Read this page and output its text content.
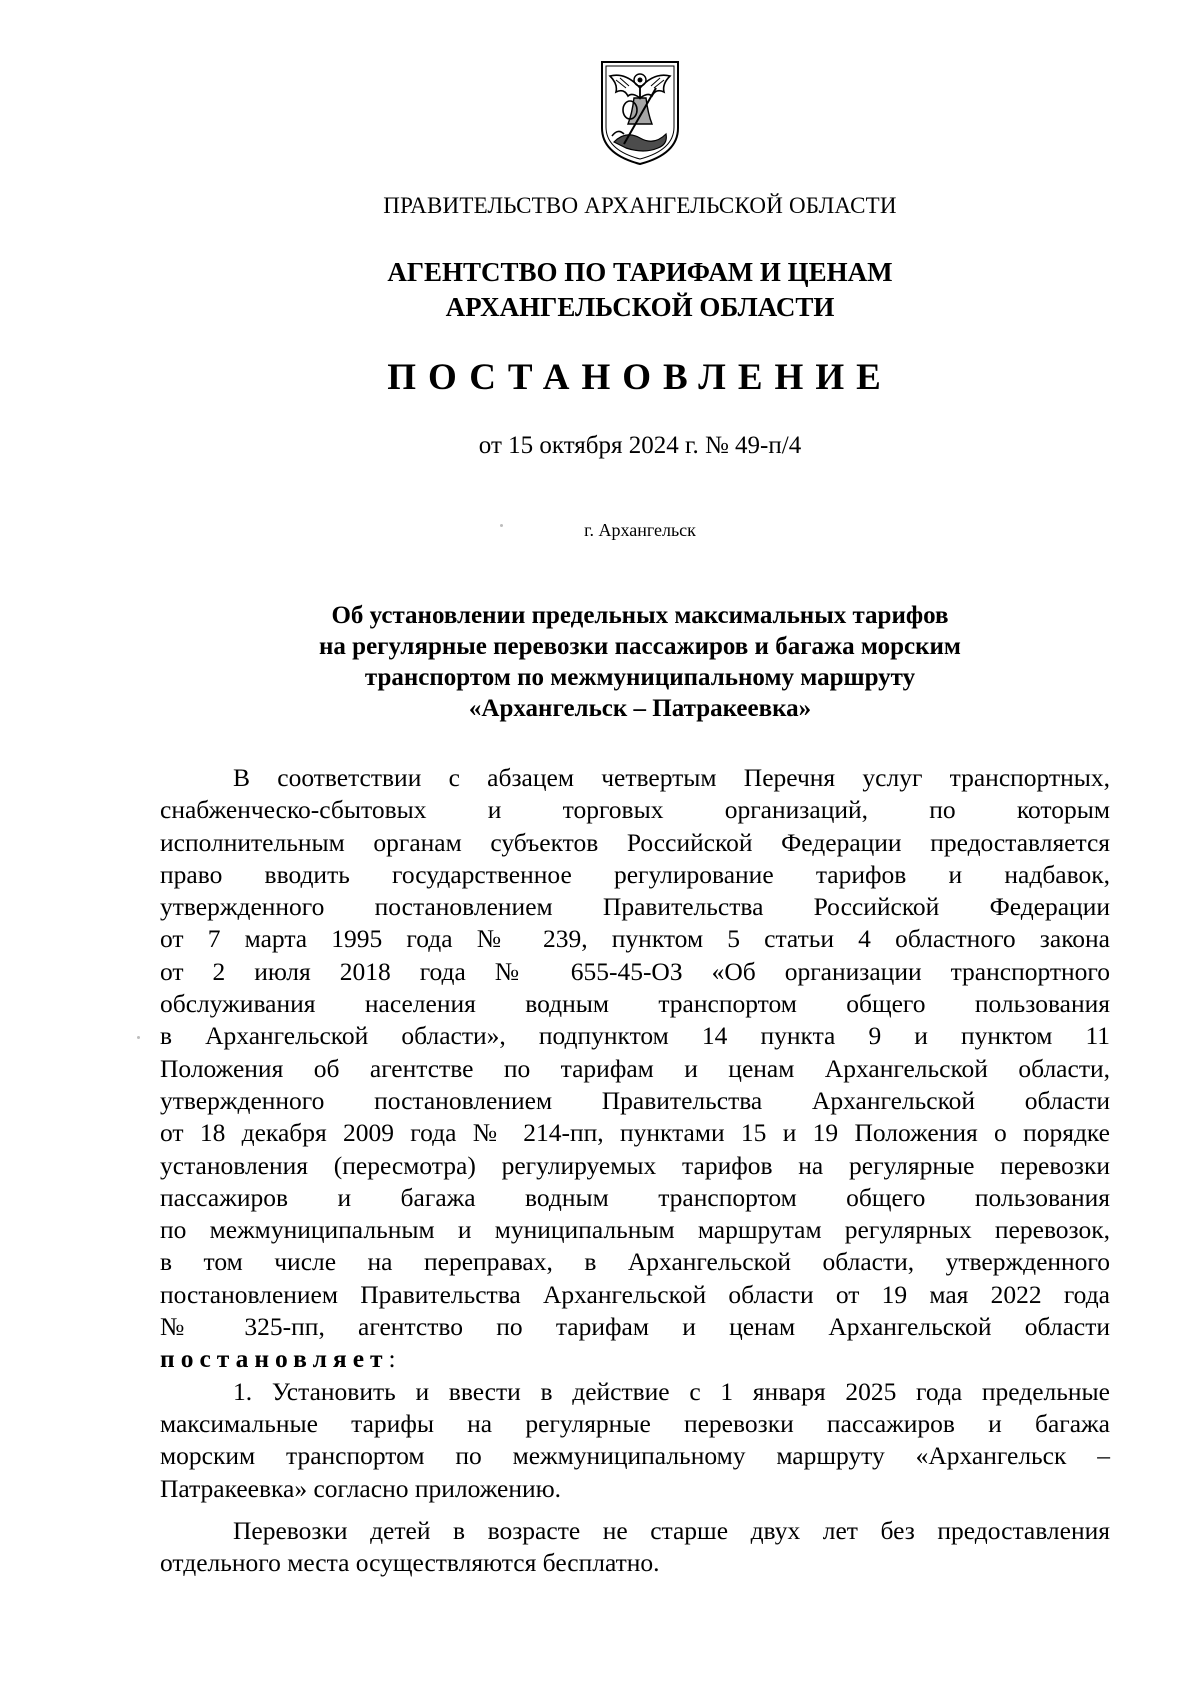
ПРАВИТЕЛЬСТВО АРХАНГЕЛЬСКОЙ ОБЛАСТИ
АГЕНТСТВО ПО ТАРИФАМ И ЦЕНАМ
АРХАНГЕЛЬСКОЙ ОБЛАСТИ
ПОСТАНОВЛЕНИЕ
от 15 октября 2024 г. № 49-п/4
г. Архангельск
Об установлении предельных максимальных тарифов
на регулярные перевозки пассажиров и багажа морским
транспортом по межмуниципальному маршруту
«Архангельск – Патракеевка»
В соответствии с абзацем четвертым Перечня услуг транспортных,
снабженческо-сбытовых и торговых организаций, по которым
исполнительным органам субъектов Российской Федерации предоставляется
право вводить государственное регулирование тарифов и надбавок,
утвержденного постановлением Правительства Российской Федерации
от 7 марта 1995 года № 239, пунктом 5 статьи 4 областного закона
от 2 июля 2018 года № 655-45-ОЗ «Об организации транспортного
обслуживания населения водным транспортом общего пользования
в Архангельской области», подпунктом 14 пункта 9 и пунктом 11
Положения об агентстве по тарифам и ценам Архангельской области,
утвержденного постановлением Правительства Архангельской области
от 18 декабря 2009 года № 214-пп, пунктами 15 и 19 Положения о порядке
установления (пересмотра) регулируемых тарифов на регулярные перевозки
пассажиров и багажа водным транспортом общего пользования
по межмуниципальным и муниципальным маршрутам регулярных перевозок,
в том числе на переправах, в Архангельской области, утвержденного
постановлением Правительства Архангельской области от 19 мая 2022 года
№ 325-пп, агентство по тарифам и ценам Архангельской области
постановляет:
1. Установить и ввести в действие с 1 января 2025 года предельные
максимальные тарифы на регулярные перевозки пассажиров и багажа
морским транспортом по межмуниципальному маршруту «Архангельск –
Патракеевка» согласно приложению.
Перевозки детей в возрасте не старше двух лет без предоставления
отдельного места осуществляются бесплатно.
